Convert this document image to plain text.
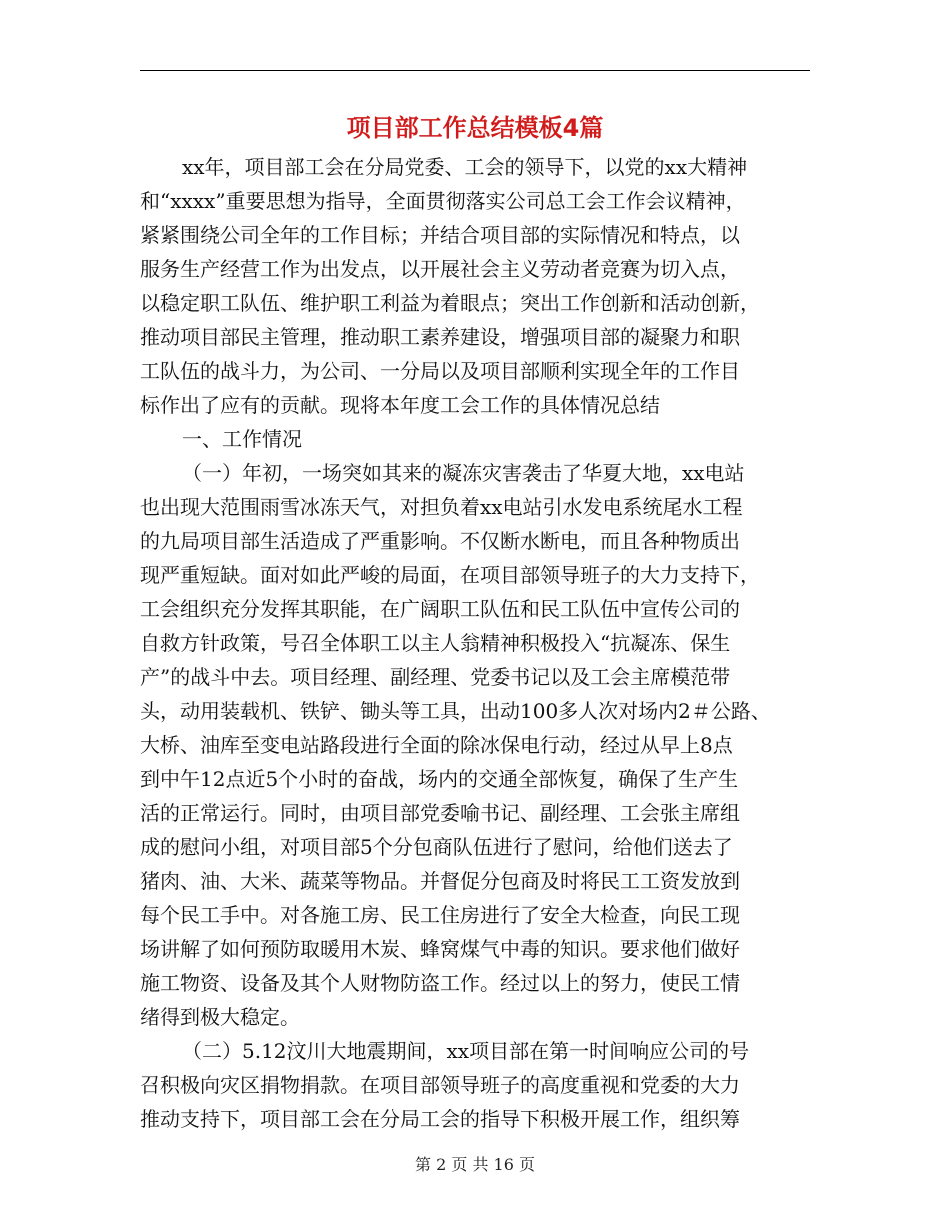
项目部工作总结模板4篇
xx年，项目部工会在分局党委、工会的领导下，以党的xx大精神
和“xxxx”重要思想为指导，全面贯彻落实公司总工会工作会议精神，
紧紧围绕公司全年的工作目标；并结合项目部的实际情况和特点，以
服务生产经营工作为出发点，以开展社会主义劳动者竞赛为切入点，
以稳定职工队伍、维护职工利益为着眼点；突出工作创新和活动创新，
推动项目部民主管理，推动职工素养建设，增强项目部的凝聚力和职
工队伍的战斗力，为公司、一分局以及项目部顺利实现全年的工作目
标作出了应有的贡献。现将本年度工会工作的具体情况总结
一、工作情况
（一）年初，一场突如其来的凝冻灾害袭击了华夏大地，xx电站
也出现大范围雨雪冰冻天气，对担负着xx电站引水发电系统尾水工程
的九局项目部生活造成了严重影响。不仅断水断电，而且各种物质出
现严重短缺。面对如此严峻的局面，在项目部领导班子的大力支持下，
工会组织充分发挥其职能，在广阔职工队伍和民工队伍中宣传公司的
自救方针政策，号召全体职工以主人翁精神积极投入“抗凝冻、保生
产”的战斗中去。项目经理、副经理、党委书记以及工会主席模范带
头，动用装载机、铁铲、锄头等工具，出动100多人次对场内2＃公路、
大桥、油库至变电站路段进行全面的除冰保电行动，经过从早上8点
到中午12点近5个小时的奋战，场内的交通全部恢复，确保了生产生
活的正常运行。同时，由项目部党委喻书记、副经理、工会张主席组
成的慰问小组，对项目部5个分包商队伍进行了慰问，给他们送去了
猪肉、油、大米、蔬菜等物品。并督促分包商及时将民工工资发放到
每个民工手中。对各施工房、民工住房进行了安全大检查，向民工现
场讲解了如何预防取暖用木炭、蜂窝煤气中毒的知识。要求他们做好
施工物资、设备及其个人财物防盗工作。经过以上的努力，使民工情
绪得到极大稳定。
（二）5.12汶川大地震期间，xx项目部在第一时间响应公司的号
召积极向灾区捐物捐款。在项目部领导班子的高度重视和党委的大力
推动支持下，项目部工会在分局工会的指导下积极开展工作，组织筹
第 2 页 共 16 页
